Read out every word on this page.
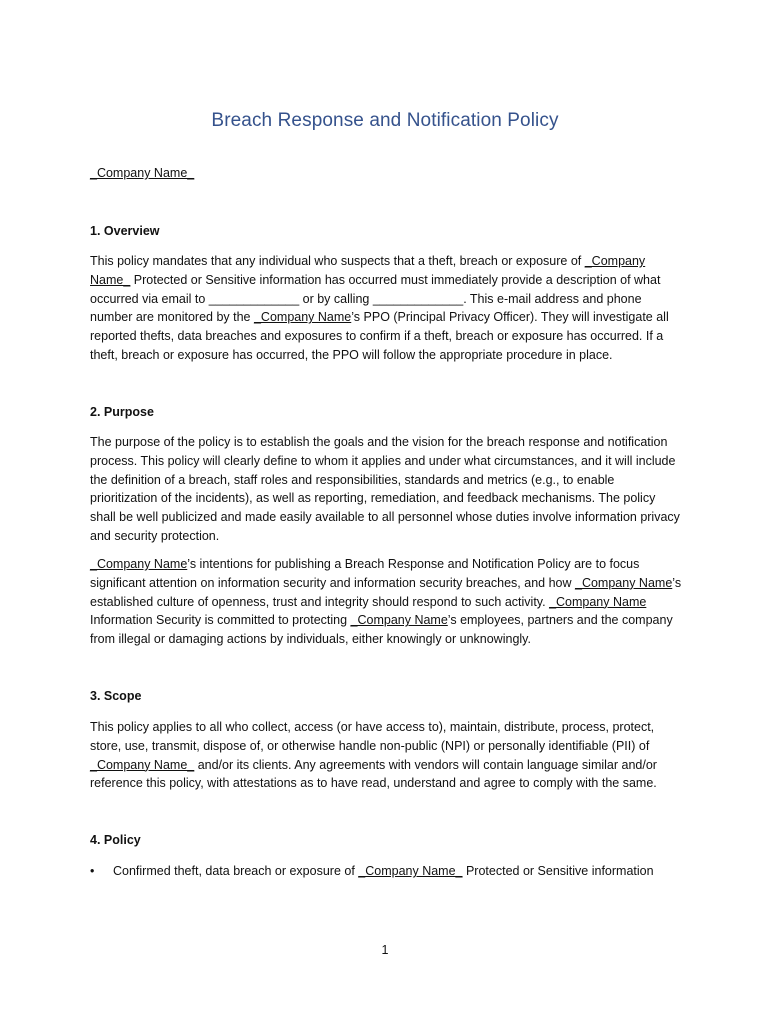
Breach Response and Notification Policy
_Company Name_
1. Overview
This policy mandates that any individual who suspects that a theft, breach or exposure of _Company Name_ Protected or Sensitive information has occurred must immediately provide a description of what occurred via email to _____________ or by calling _____________. This e-mail address and phone number are monitored by the _Company Name’s PPO (Principal Privacy Officer). They will investigate all reported thefts, data breaches and exposures to confirm if a theft, breach or exposure has occurred. If a theft, breach or exposure has occurred, the PPO will follow the appropriate procedure in place.
2. Purpose
The purpose of the policy is to establish the goals and the vision for the breach response and notification process. This policy will clearly define to whom it applies and under what circumstances, and it will include the definition of a breach, staff roles and responsibilities, standards and metrics (e.g., to enable prioritization of the incidents), as well as reporting, remediation, and feedback mechanisms. The policy shall be well publicized and made easily available to all personnel whose duties involve information privacy and security protection.
_Company Name’s intentions for publishing a Breach Response and Notification Policy are to focus significant attention on information security and information security breaches, and how _Company Name’s established culture of openness, trust and integrity should respond to such activity. _Company Name Information Security is committed to protecting _Company Name’s employees, partners and the company from illegal or damaging actions by individuals, either knowingly or unknowingly.
3. Scope
This policy applies to all who collect, access (or have access to), maintain, distribute, process, protect, store, use, transmit, dispose of, or otherwise handle non-public (NPI) or personally identifiable (PII) of _Company Name_ and/or its clients. Any agreements with vendors will contain language similar and/or reference this policy, with attestations as to have read, understand and agree to comply with the same.
4. Policy
• Confirmed theft, data breach or exposure of _Company Name_ Protected or Sensitive information
1
